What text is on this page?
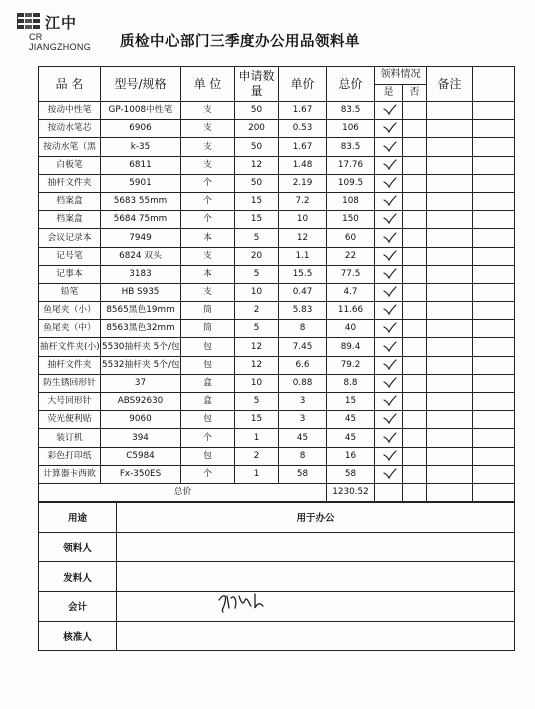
江中
CR JIANGZHONG	质检中心部门三季度办公用品领料单
品 名	型号/规格	单 位	申请数量	单价	总价	领料情况		备注	
						是	否		
按动中性笔	GP-1008中性笔	支	50	1.67	83.5	

按动水笔芯	6906	支	200	0.53	106	

按动水笔（黑	k-35	支	50	1.67	83.5	

白板笔	6811	支	12	1.48	17.76	

抽杆文件夹	5901	个	50	2.19	109.5	

档案盒	5683 55mm	个	15	7.2	108	

档案盒	5684 75mm	个	15	10	150	

会议记录本	7949	本	5	12	60	

记号笔	6824 双头	支	20	1.1	22	

记事本	3183	本	5	15.5	77.5	

铅笔	HB S935	支	10	0.47	4.7	

鱼尾夹（小）	8565黑色19mm	筒	2	5.83	11.66	

鱼尾夹（中）	8563黑色32mm	筒	5	8	40	

抽杆文件夹(小)	5530抽杆夹 5个/包	包	12	7.45	89.4	

抽杆文件夹	5532抽杆夹 5个/包	包	12	6.6	79.2	

防生锈回形针	37	盒	10	0.88	8.8	

大号回形针	ABS92630	盒	5	3	15	

荧光便利贴	9060	包	15	3	45	

装订机	394	个	1	45	45	

彩色打印纸	C5984	包	2	8	16	

计算器卡西欧	Fx-350ES	个	1	58	58	

总价					1230.52				
用途	用于办公
领料人	
发料人	
会计	
核准人	
